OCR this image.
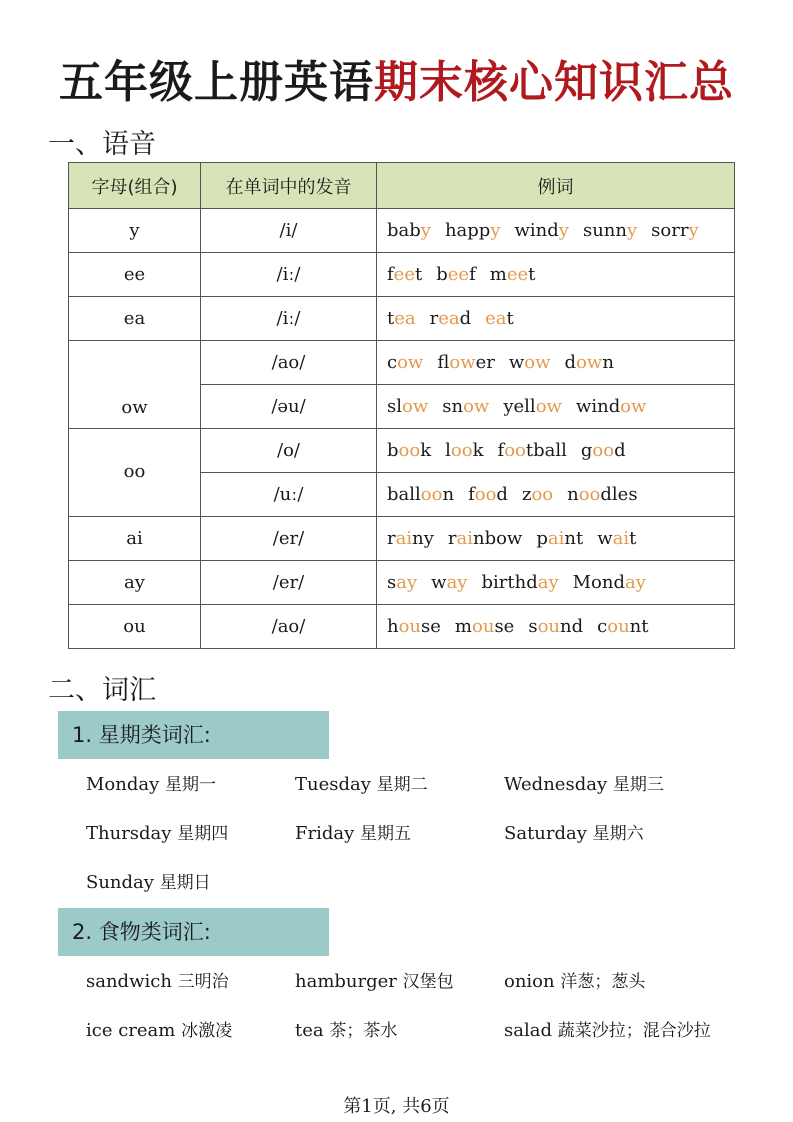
五年级上册英语期末核心知识汇总
一、语音
字母(组合)	在单词中的发音	例词
y	/i/	baby happy windy sunny sorry
ee	/iː/	feet beef meet
ea	/iː/	tea read eat
ow	/ao/	cow flower wow down
	/əu/	slow snow yellow window
oo	/o/	book look football good
	/uː/	balloon food zoo noodles
ai	/er/	rainy rainbow paint wait
ay	/er/	say way birthday Monday
ou	/ao/	house mouse sound count
二、词汇
1. 星期类词汇:
Monday 星期一	Tuesday 星期二	Wednesday 星期三
Thursday 星期四	Friday 星期五	Saturday 星期六
Sunday 星期日
2. 食物类词汇:
sandwich 三明治	hamburger 汉堡包	onion 洋葱；葱头
ice cream 冰激凌	tea 茶；茶水	salad 蔬菜沙拉；混合沙拉
第1页, 共6页
